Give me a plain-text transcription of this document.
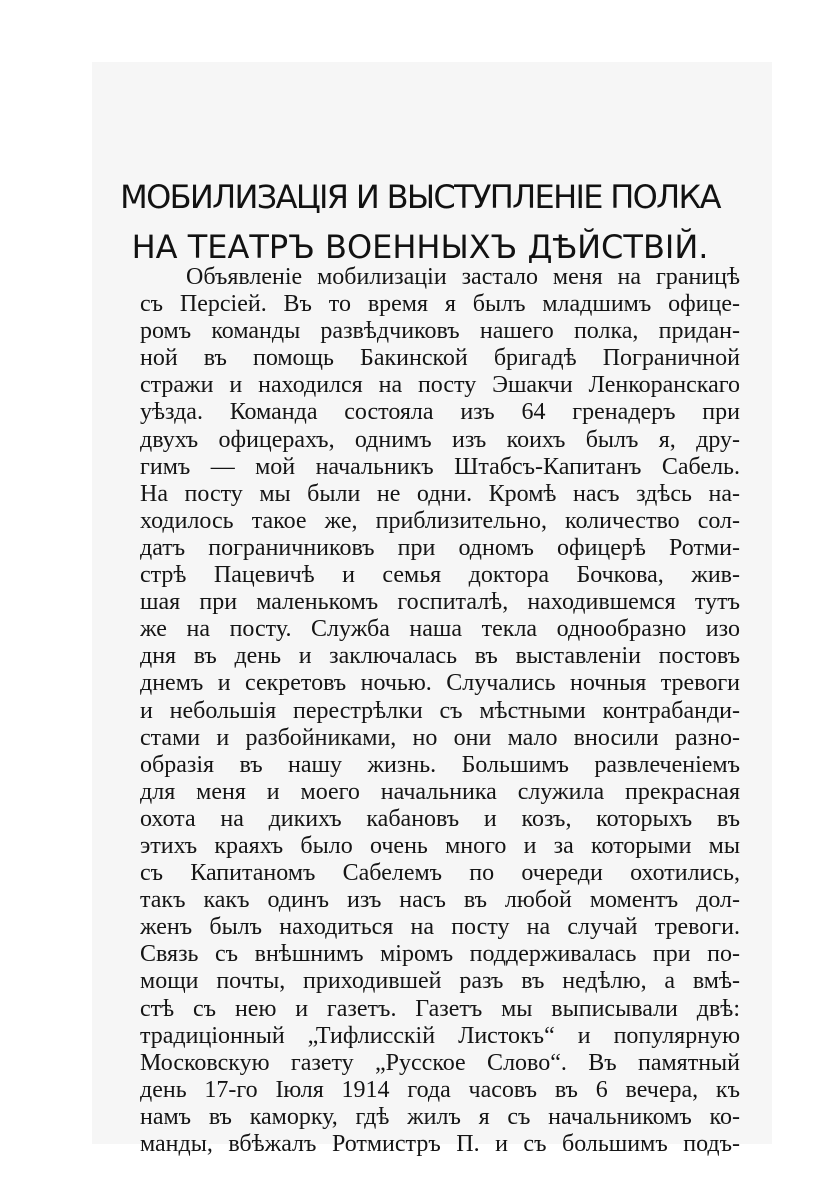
МОБИЛИЗАЦІЯ И ВЫСТУПЛЕНІЕ ПОЛКА
НА ТЕАТРЪ ВОЕННЫХЪ ДѢЙСТВІЙ.
Объявленіе мобилизаціи застало меня на границѣ
съ Персіей. Въ то время я былъ младшимъ офице-
ромъ команды развѣдчиковъ нашего полка, придан-
ной въ помощь Бакинской бригадѣ Пограничной
стражи и находился на посту Эшакчи Ленкоранскаго
уѣзда. Команда состояла изъ 64 гренадеръ при
двухъ офицерахъ, однимъ изъ коихъ былъ я, дру-
гимъ — мой начальникъ Штабсъ-Капитанъ Сабель.
На посту мы были не одни. Кромѣ насъ здѣсь на-
ходилось такое же, приблизительно, количество сол-
датъ пограничниковъ при одномъ офицерѣ Ротми-
стрѣ Пацевичѣ и семья доктора Бочкова, жив-
шая при маленькомъ госпиталѣ, находившемся тутъ
же на посту. Служба наша текла однообразно изо
дня въ день и заключалась въ выставленіи постовъ
днемъ и секретовъ ночью. Случались ночныя тревоги
и небольшія перестрѣлки съ мѣстными контрабанди-
стами и разбойниками, но они мало вносили разно-
образія въ нашу жизнь. Большимъ развлеченіемъ
для меня и моего начальника служила прекрасная
охота на дикихъ кабановъ и козъ, которыхъ въ
этихъ краяхъ было очень много и за которыми мы
съ Капитаномъ Сабелемъ по очереди охотились,
такъ какъ одинъ изъ насъ въ любой моментъ дол-
женъ былъ находиться на посту на случай тревоги.
Связь съ внѣшнимъ міромъ поддерживалась при по-
мощи почты, приходившей разъ въ недѣлю, а вмѣ-
стѣ съ нею и газетъ. Газетъ мы выписывали двѣ:
традиціонный „Тифлисскій Листокъ“ и популярную
Московскую газету „Русское Слово“. Въ памятный
день 17-го Іюля 1914 года часовъ въ 6 вечера, къ
намъ въ каморку, гдѣ жилъ я съ начальникомъ ко-
манды, вбѣжалъ Ротмистръ П. и съ большимъ подъ-
